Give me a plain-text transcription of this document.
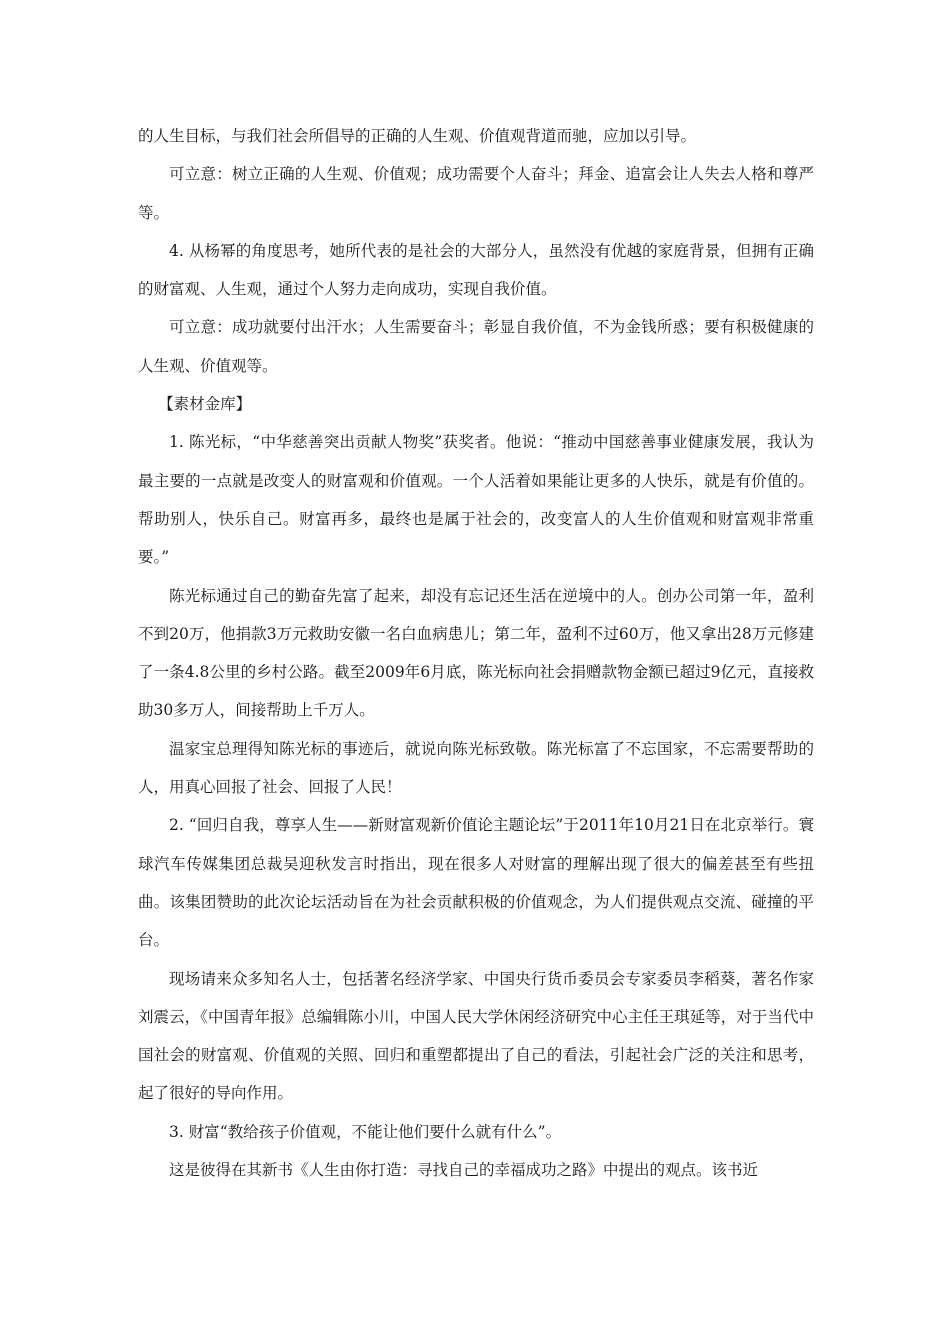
的人生目标，与我们社会所倡导的正确的人生观、价值观背道而驰，应加以引导。

可立意：树立正确的人生观、价值观；成功需要个人奋斗；拜金、追富会让人失去人格和尊严等。

4. 从杨幂的角度思考，她所代表的是社会的大部分人，虽然没有优越的家庭背景，但拥有正确的财富观、人生观，通过个人努力走向成功，实现自我价值。

可立意：成功就要付出汗水；人生需要奋斗；彰显自我价值，不为金钱所惑；要有积极健康的人生观、价值观等。

【素材金库】

1. 陈光标，“中华慈善突出贡献人物奖”获奖者。他说：“推动中国慈善事业健康发展，我认为最主要的一点就是改变人的财富观和价值观。一个人活着如果能让更多的人快乐，就是有价值的。帮助别人，快乐自己。财富再多，最终也是属于社会的，改变富人的人生价值观和财富观非常重要。”

陈光标通过自己的勤奋先富了起来，却没有忘记还生活在逆境中的人。创办公司第一年，盈利不到20万，他捐款3万元救助安徽一名白血病患儿；第二年，盈利不过60万，他又拿出28万元修建了一条4.8公里的乡村公路。截至2009年6月底，陈光标向社会捐赠款物金额已超过9亿元，直接救助30多万人，间接帮助上千万人。

温家宝总理得知陈光标的事迹后，就说向陈光标致敬。陈光标富了不忘国家，不忘需要帮助的人，用真心回报了社会、回报了人民！

2. “回归自我，尊享人生——新财富观新价值论主题论坛”于2011年10月21日在北京举行。寰球汽车传媒集团总裁吴迎秋发言时指出，现在很多人对财富的理解出现了很大的偏差甚至有些扭曲。该集团赞助的此次论坛活动旨在为社会贡献积极的价值观念，为人们提供观点交流、碰撞的平台。

现场请来众多知名人士，包括著名经济学家、中国央行货币委员会专家委员李稻葵，著名作家刘震云，《中国青年报》总编辑陈小川，中国人民大学休闲经济研究中心主任王琪延等，对于当代中国社会的财富观、价值观的关照、回归和重塑都提出了自己的看法，引起社会广泛的关注和思考，起了很好的导向作用。

3. 财富“教给孩子价值观，不能让他们要什么就有什么”。

这是彼得在其新书《人生由你打造：寻找自己的幸福成功之路》中提出的观点。该书近
